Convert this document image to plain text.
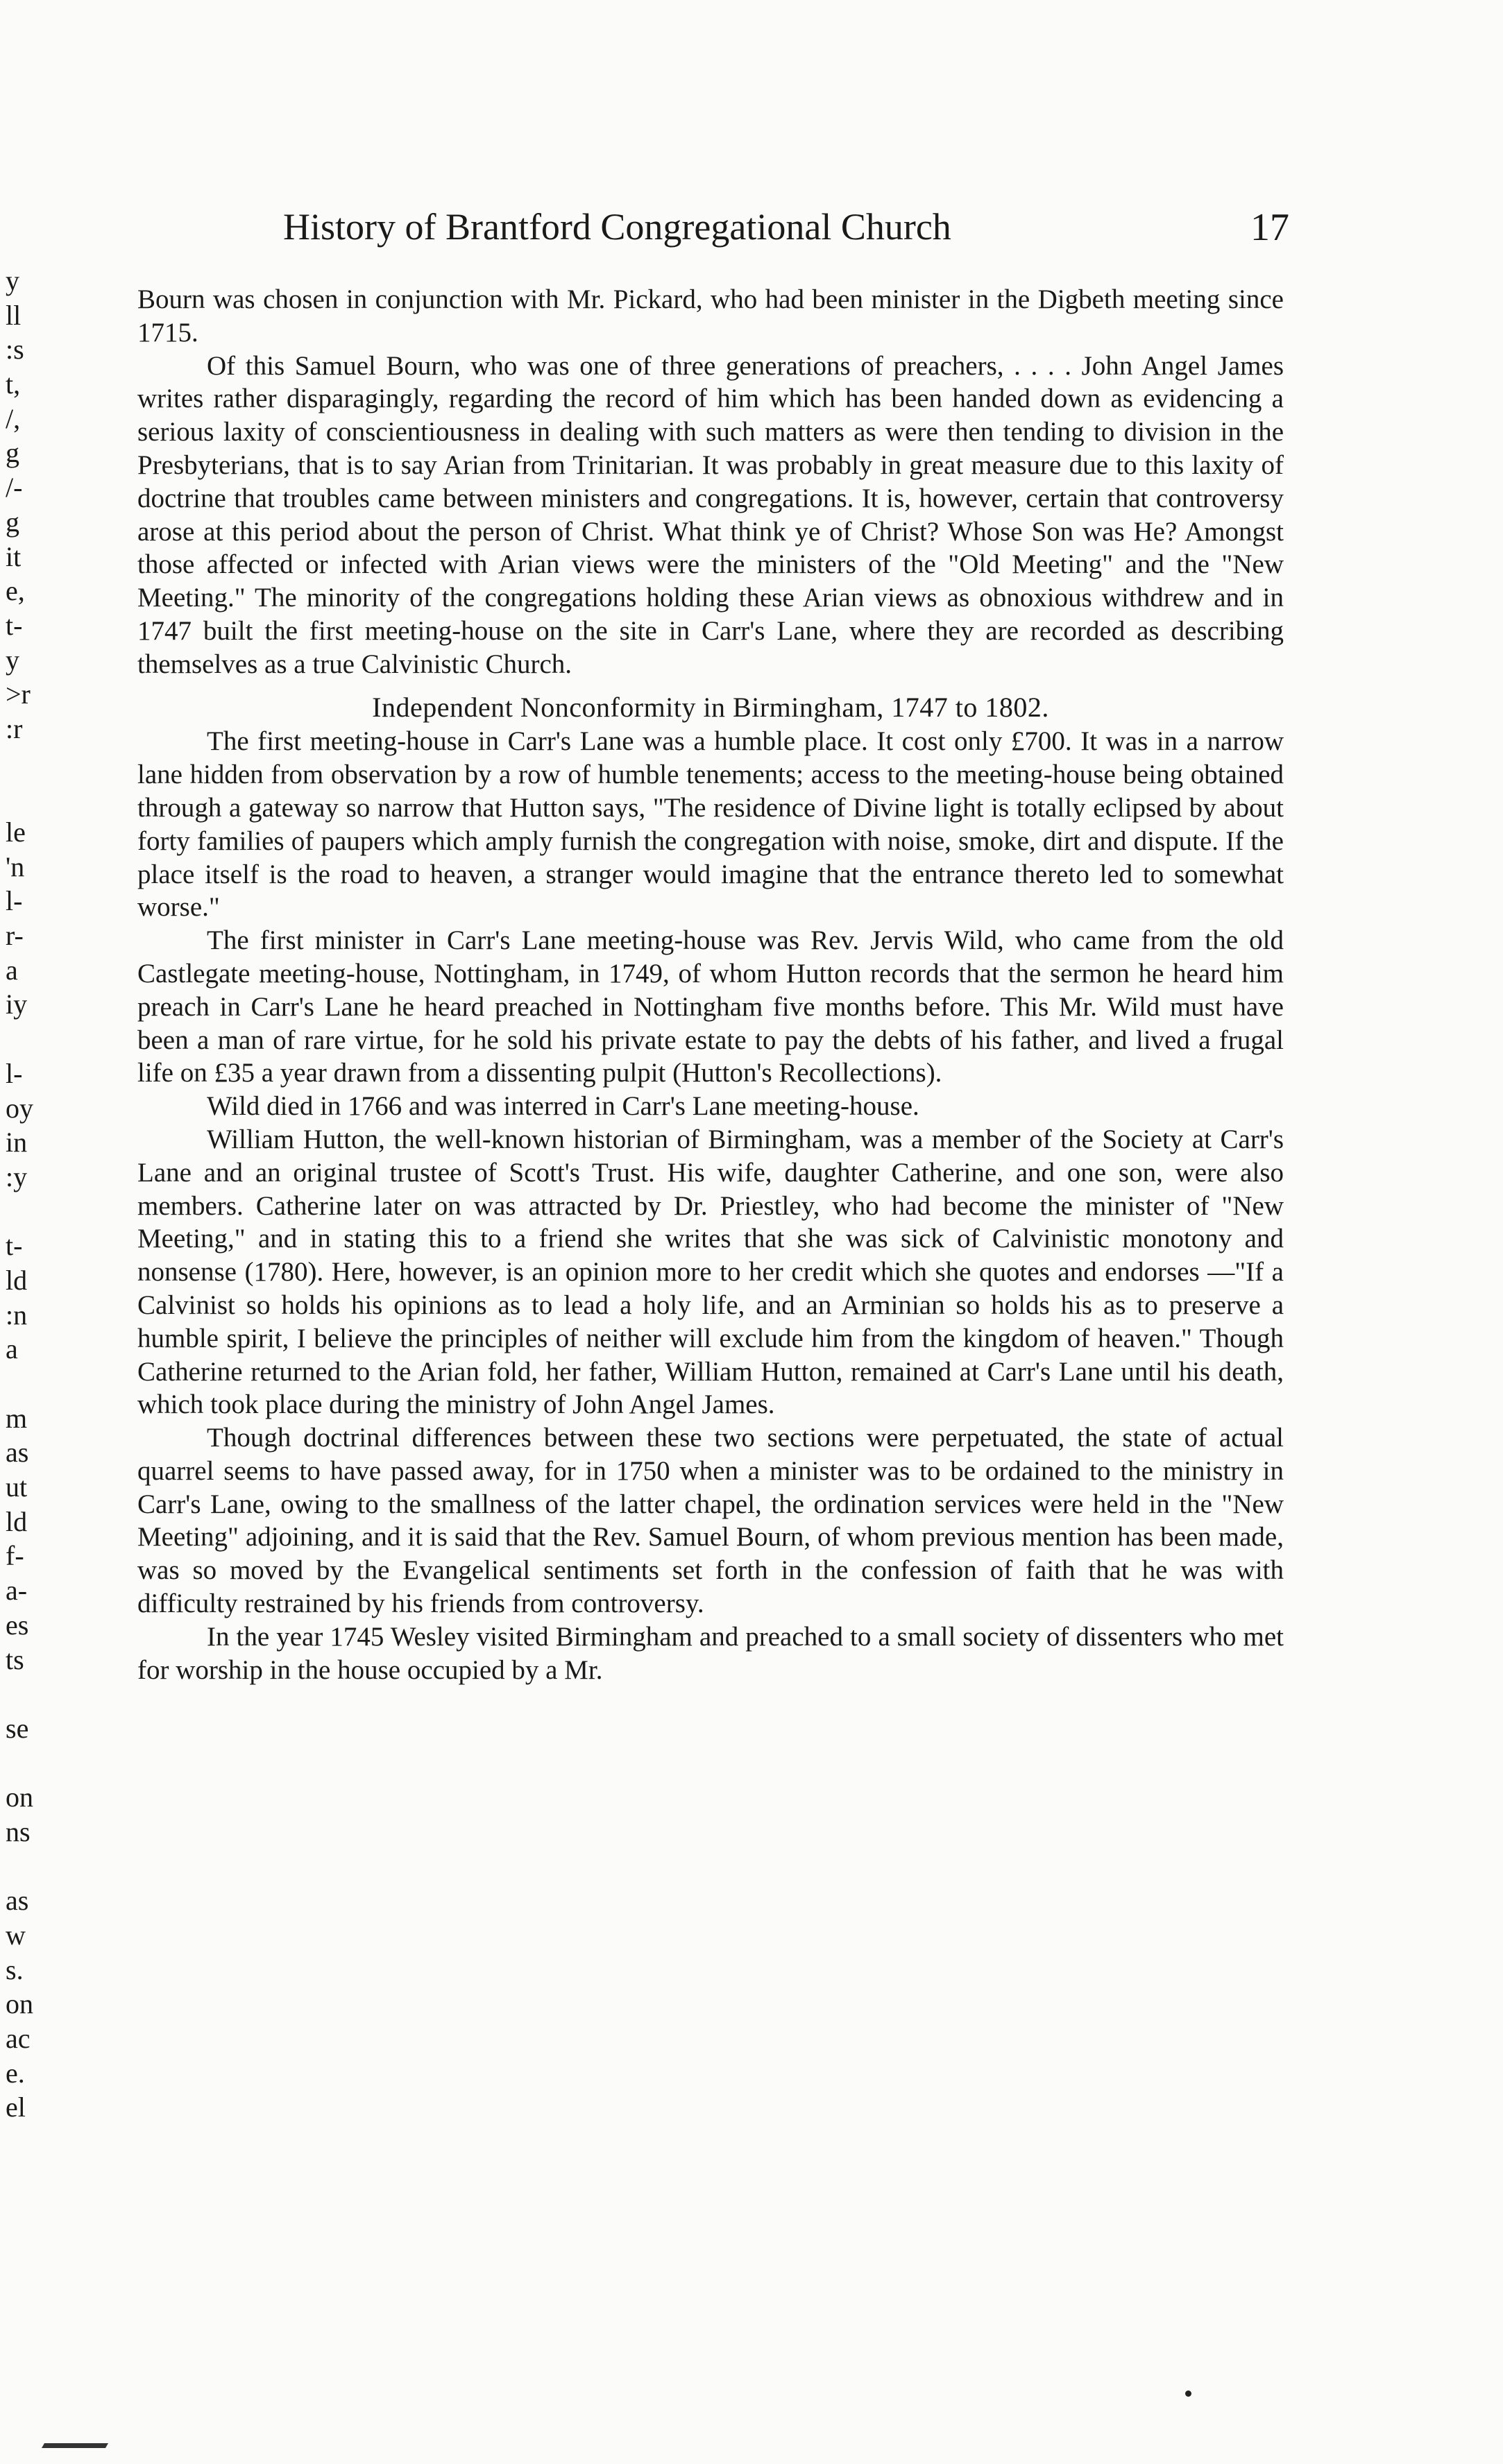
y
ll
:s
t,
/,
g
/-
g
it
e,
t-
y
>r
:r
le
'n
l-
r-
a
iy
l-
oy
in
:y
t-
ld
:n
a
m
as
ut
ld
f-
a-
es
ts
se
on
ns
as
w
s.
on
ac
e.
el
History of Brantford Congregational Church	17

Bourn was chosen in conjunction with Mr. Pickard, who had been minister in the Digbeth meeting since 1715.

Of this Samuel Bourn, who was one of three generations of preachers, . . . . John Angel James writes rather disparagingly, regarding the record of him which has been handed down as evidencing a serious laxity of conscientiousness in dealing with such matters as were then tending to division in the Presbyterians, that is to say Arian from Trinitarian. It was probably in great measure due to this laxity of doctrine that troubles came between ministers and congregations. It is, however, certain that controversy arose at this period about the person of Christ. What think ye of Christ? Whose Son was He? Amongst those affected or infected with Arian views were the ministers of the "Old Meeting" and the "New Meeting." The minority of the congregations holding these Arian views as obnoxious withdrew and in 1747 built the first meeting-house on the site in Carr's Lane, where they are recorded as describing themselves as a true Calvinistic Church.

Independent Nonconformity in Birmingham, 1747 to 1802.

The first meeting-house in Carr's Lane was a humble place. It cost only £700. It was in a narrow lane hidden from observation by a row of humble tenements; access to the meeting-house being obtained through a gateway so narrow that Hutton says, "The residence of Divine light is totally eclipsed by about forty families of paupers which amply furnish the congregation with noise, smoke, dirt and dispute. If the place itself is the road to heaven, a stranger would imagine that the entrance thereto led to somewhat worse."

The first minister in Carr's Lane meeting-house was Rev. Jervis Wild, who came from the old Castlegate meeting-house, Nottingham, in 1749, of whom Hutton records that the sermon he heard him preach in Carr's Lane he heard preached in Nottingham five months before. This Mr. Wild must have been a man of rare virtue, for he sold his private estate to pay the debts of his father, and lived a frugal life on £35 a year drawn from a dissenting pulpit (Hutton's Recollections).

Wild died in 1766 and was interred in Carr's Lane meeting-house.

William Hutton, the well-known historian of Birmingham, was a member of the Society at Carr's Lane and an original trustee of Scott's Trust. His wife, daughter Catherine, and one son, were also members. Catherine later on was attracted by Dr. Priestley, who had become the minister of "New Meeting," and in stating this to a friend she writes that she was sick of Calvinistic monotony and nonsense (1780). Here, however, is an opinion more to her credit which she quotes and endorses —"If a Calvinist so holds his opinions as to lead a holy life, and an Arminian so holds his as to preserve a humble spirit, I believe the principles of neither will exclude him from the kingdom of heaven." Though Catherine returned to the Arian fold, her father, William Hutton, remained at Carr's Lane until his death, which took place during the ministry of John Angel James.

Though doctrinal differences between these two sections were perpetuated, the state of actual quarrel seems to have passed away, for in 1750 when a minister was to be ordained to the ministry in Carr's Lane, owing to the smallness of the latter chapel, the ordination services were held in the "New Meeting" adjoining, and it is said that the Rev. Samuel Bourn, of whom previous mention has been made, was so moved by the Evangelical sentiments set forth in the confession of faith that he was with difficulty restrained by his friends from controversy.

In the year 1745 Wesley visited Birmingham and preached to a small society of dissenters who met for worship in the house occupied by a Mr.
